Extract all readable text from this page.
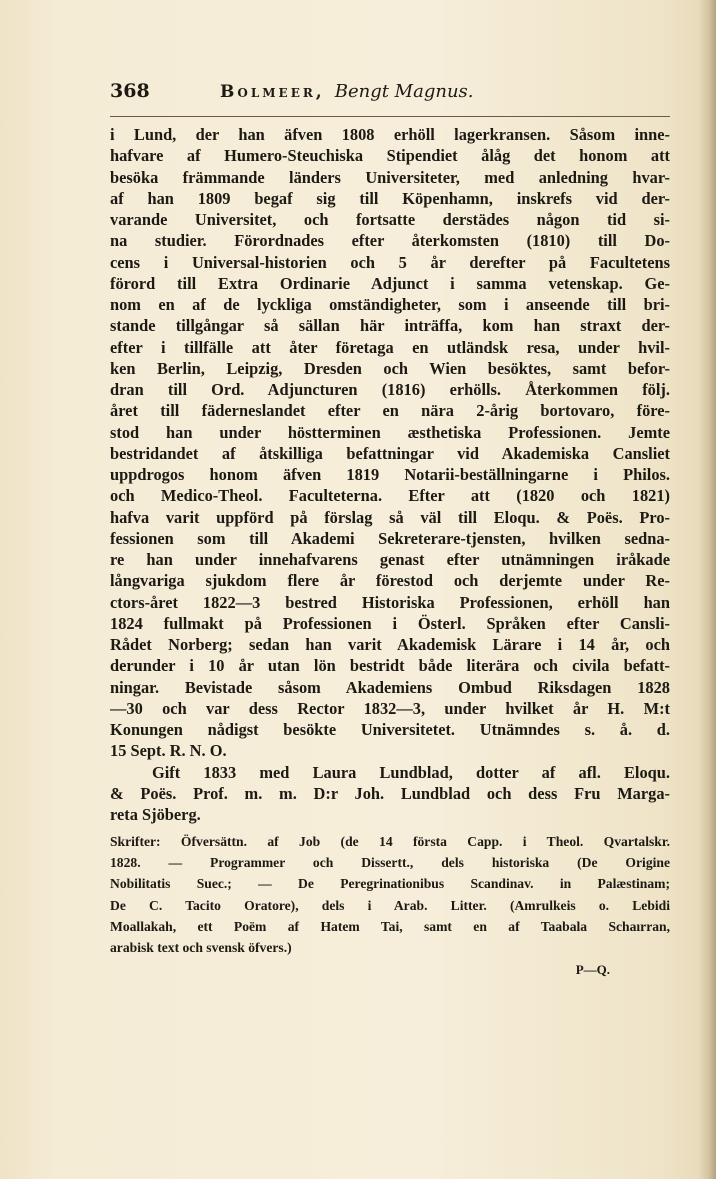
368	Bolmeer, Bengt Magnus.
i Lund, der han äfven 1808 erhöll lagerkransen. Såsom inne-
hafvare af Humero-Steuchiska Stipendiet ålåg det honom att
besöka främmande länders Universiteter, med anledning hvar-
af han 1809 begaf sig till Köpenhamn, inskrefs vid der-
varande Universitet, och fortsatte derstädes någon tid si-
na studier. Förordnades efter återkomsten (1810) till Do-
cens i Universal-historien och 5 år derefter på Facultetens
förord till Extra Ordinarie Adjunct i samma vetenskap. Ge-
nom en af de lyckliga omständigheter, som i anseende till bri-
stande tillgångar så sällan här inträffa, kom han straxt der-
efter i tillfälle att åter företaga en utländsk resa, under hvil-
ken Berlin, Leipzig, Dresden och Wien besöktes, samt befor-
dran till Ord. Adjuncturen (1816) erhölls. Återkommen följ.
året till fäderneslandet efter en nära 2-årig bortovaro, före-
stod han under höstterminen æsthetiska Professionen. Jemte
bestridandet af åtskilliga befattningar vid Akademiska Cansliet
uppdrogos honom äfven 1819 Notarii-beställningarne i Philos.
och Medico-Theol. Faculteterna. Efter att (1820 och 1821)
hafva varit uppförd på förslag så väl till Eloqu. & Poës. Pro-
fessionen som till Akademi Sekreterare-tjensten, hvilken sedna-
re han under innehafvarens genast efter utnämningen iråkade
långvariga sjukdom flere år förestod och derjemte under Re-
ctors-året 1822—3 bestred Historiska Professionen, erhöll han
1824 fullmakt på Professionen i Österl. Språken efter Cansli-
Rådet Norberg; sedan han varit Akademisk Lärare i 14 år, och
derunder i 10 år utan lön bestridt både literära och civila befatt-
ningar. Bevistade såsom Akademiens Ombud Riksdagen 1828
—30 och var dess Rector 1832—3, under hvilket år H. M:t
Konungen nådigst besökte Universitetet. Utnämndes s. å. d.
15 Sept. R. N. O.
Gift 1833 med Laura Lundblad, dotter af afl. Eloqu.
& Poës. Prof. m. m. D:r Joh. Lundblad och dess Fru Marga-
reta Sjöberg.
Skrifter: Öfversättn. af Job (de 14 första Capp. i Theol. Qvartalskr.
1828. — Programmer och Dissertt., dels historiska (De Origine
Nobilitatis Suec.; — De Peregrinationibus Scandinav. in Palæstinam;
De C. Tacito Oratore), dels i Arab. Litter. (Amrulkeis o. Lebidi
Moallakah, ett Poëm af Hatem Tai, samt en af Taabala Schaırran,
arabisk text och svensk öfvers.)
P—Q.
